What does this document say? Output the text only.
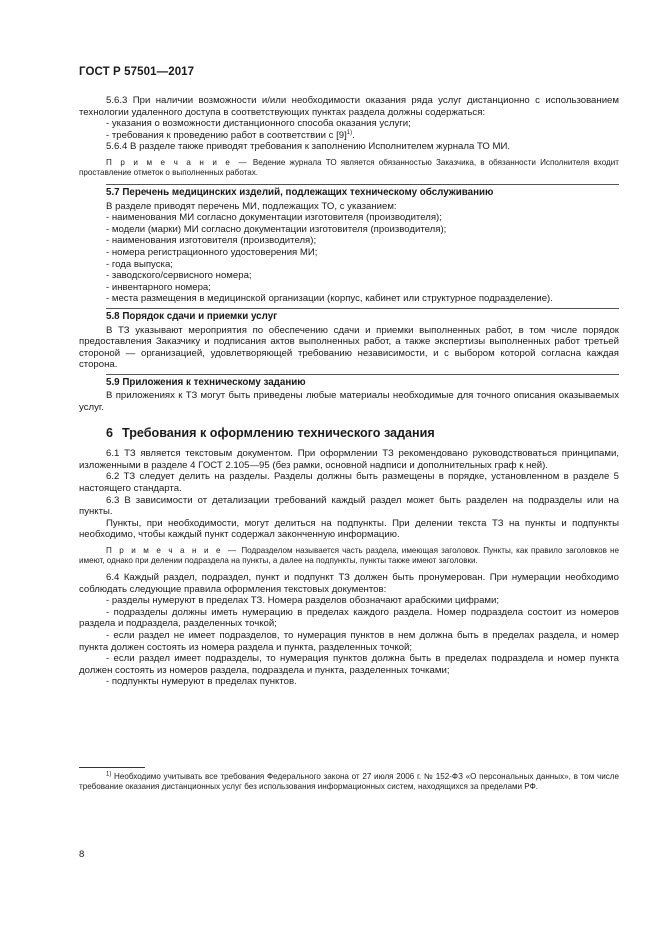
ГОСТ Р 57501—2017

5.6.3 При наличии возможности и/или необходимости оказания ряда услуг дистанционно с использованием технологии удаленного доступа в соответствующих пунктах раздела должны содержаться:

- указания о возможности дистанционного способа оказания услуги;

- требования к проведению работ в соответствии с $[9]^{1)}$.

5.6.4 В разделе также приводят требования к заполнению Исполнителем журнала ТО МИ.

П р и м е ч а н и е — Ведение журнала ТО является обязанностью Заказчика, в обязанности Исполнителя входит проставление отметок о выполненных работах.

5.7 Перечень медицинских изделий, подлежащих техническому обслуживанию

В разделе приводят перечень МИ, подлежащих ТО, с указанием:

- наименования МИ согласно документации изготовителя (производителя);

- модели (марки) МИ согласно документации изготовителя (производителя);

- наименования изготовителя (производителя);

- номера регистрационного удостоверения МИ;

- года выпуска;

- заводского/сервисного номера;

- инвентарного номера;

- места размещения в медицинской организации (корпус, кабинет или структурное подразделение).

5.8 Порядок сдачи и приемки услуг

В ТЗ указывают мероприятия по обеспечению сдачи и приемки выполненных работ, в том числе порядок предоставления Заказчику и подписания актов выполненных работ, а также экспертизы выполненных работ третьей стороной — организацией, удовлетворяющей требованию независимости, и с выбором которой согласна каждая сторона.

5.9 Приложения к техническому заданию

В приложениях к ТЗ могут быть приведены любые материалы необходимые для точного описания оказываемых услуг.

6 Требования к оформлению технического задания

6.1 ТЗ является текстовым документом. При оформлении ТЗ рекомендовано руководствоваться принципами, изложенными в разделе 4 ГОСТ 2.105—95 (без рамки, основной надписи и дополнительных граф к ней).

6.2 ТЗ следует делить на разделы. Разделы должны быть размещены в порядке, установленном в разделе 5 настоящего стандарта.

6.3 В зависимости от детализации требований каждый раздел может быть разделен на подразделы или на пункты.

Пункты, при необходимости, могут делиться на подпункты. При делении текста ТЗ на пункты и подпункты необходимо, чтобы каждый пункт содержал законченную информацию.

П р и м е ч а н и е — Подразделом называется часть раздела, имеющая заголовок. Пункты, как правило заголовков не имеют, однако при делении подраздела на пункты, а далее на подпункты, пункты также имеют заголовки.

6.4 Каждый раздел, подраздел, пункт и подпункт ТЗ должен быть пронумерован. При нумерации необходимо соблюдать следующие правила оформления текстовых документов:

- разделы нумеруют в пределах ТЗ. Номера разделов обозначают арабскими цифрами;

- подразделы должны иметь нумерацию в пределах каждого раздела. Номер подраздела состоит из номеров раздела и подраздела, разделенных точкой;

- если раздел не имеет подразделов, то нумерация пунктов в нем должна быть в пределах раздела, и номер пункта должен состоять из номера раздела и пункта, разделенных точкой;

- если раздел имеет подразделы, то нумерация пунктов должна быть в пределах подраздела и номер пункта должен состоять из номеров раздела, подраздела и пункта, разделенных точками;

- подпункты нумеруют в пределах пунктов.

$^{1)}$ Необходимо учитывать все требования Федерального закона от 27 июля 2006 г. № 152-ФЗ «О персональных данных», в том числе требование оказания дистанционных услуг без использования информационных систем, находящихся за пределами РФ.
8
